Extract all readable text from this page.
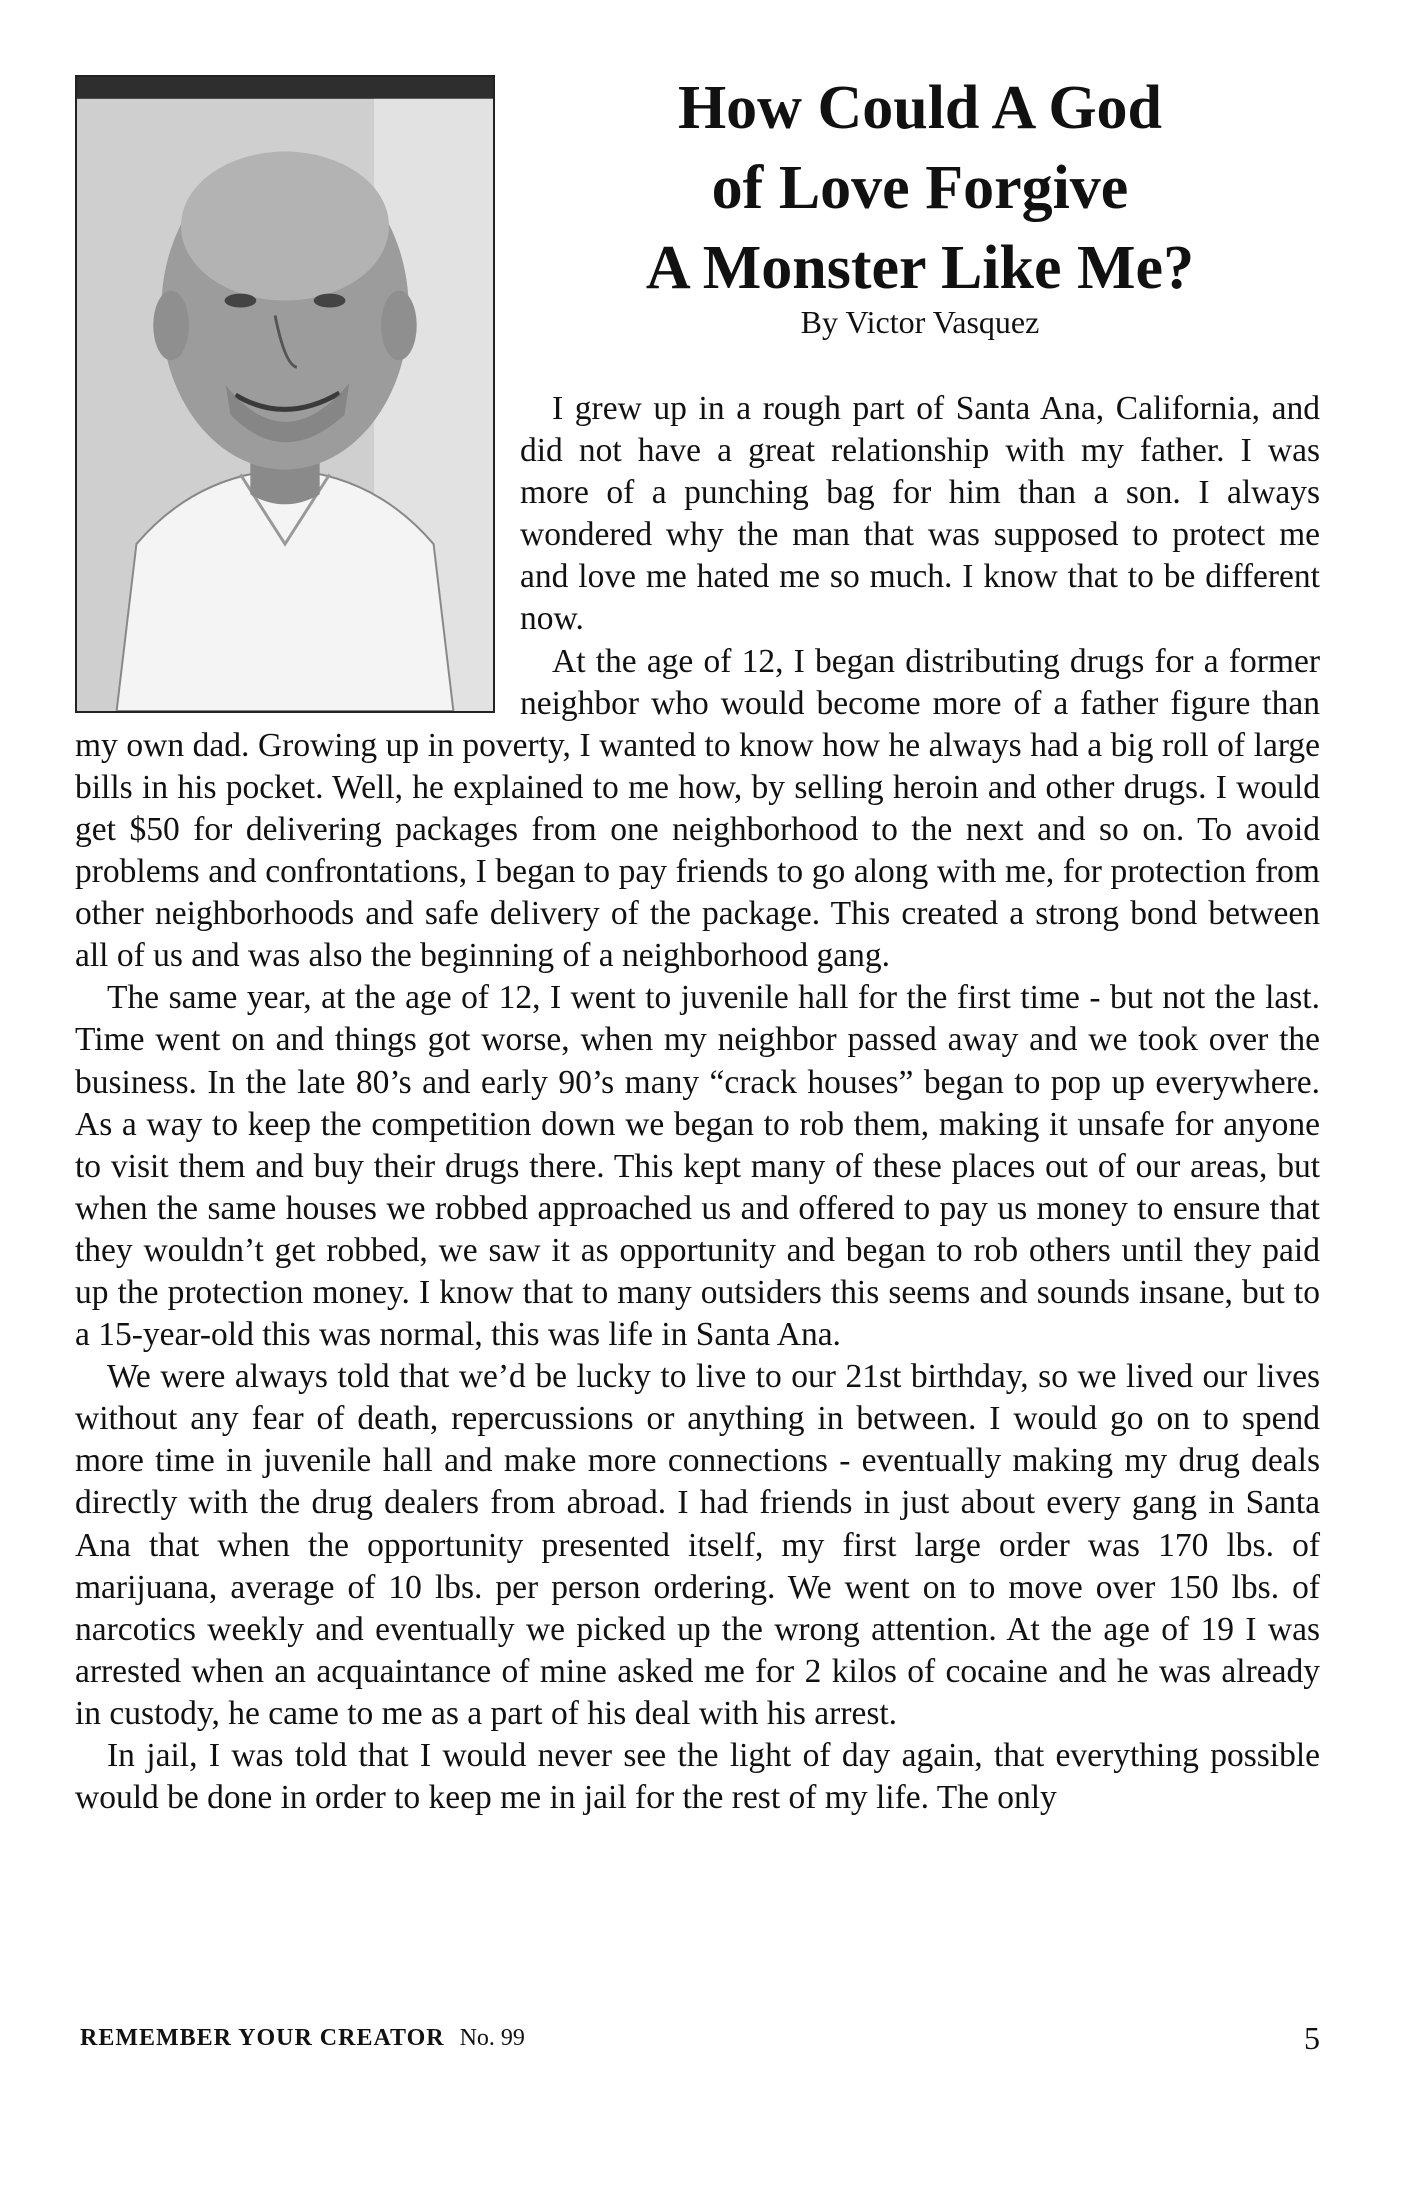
How Could A God
of Love Forgive
A Monster Like Me?
By Victor Vasquez

I grew up in a rough part of Santa Ana, California, and did not have a great relationship with my father. I was more of a punching bag for him than a son. I always wondered why the man that was supposed to protect me and love me hated me so much. I know that to be different now.

At the age of 12, I began distributing drugs for a former neighbor who would become more of a father figure than my own dad. Growing up in poverty, I wanted to know how he always had a big roll of large bills in his pocket. Well, he explained to me how, by selling heroin and other drugs. I would get $50 for delivering packages from one neighborhood to the next and so on. To avoid problems and confrontations, I began to pay friends to go along with me, for protection from other neighborhoods and safe delivery of the package. This created a strong bond between all of us and was also the beginning of a neighborhood gang.

The same year, at the age of 12, I went to juvenile hall for the first time - but not the last. Time went on and things got worse, when my neighbor passed away and we took over the business. In the late 80’s and early 90’s many “crack houses” began to pop up everywhere. As a way to keep the competition down we began to rob them, making it unsafe for anyone to visit them and buy their drugs there. This kept many of these places out of our areas, but when the same houses we robbed approached us and offered to pay us money to ensure that they wouldn’t get robbed, we saw it as opportunity and began to rob others until they paid up the protection money. I know that to many outsiders this seems and sounds insane, but to a 15-year-old this was normal, this was life in Santa Ana.

We were always told that we’d be lucky to live to our 21st birthday, so we lived our lives without any fear of death, repercussions or anything in between. I would go on to spend more time in juvenile hall and make more connections - eventually making my drug deals directly with the drug dealers from abroad. I had friends in just about every gang in Santa Ana that when the opportunity presented itself, my first large order was 170 lbs. of marijuana, average of 10 lbs. per person ordering. We went on to move over 150 lbs. of narcotics weekly and eventually we picked up the wrong attention. At the age of 19 I was arrested when an acquaintance of mine asked me for 2 kilos of cocaine and he was already in custody, he came to me as a part of his deal with his arrest.

In jail, I was told that I would never see the light of day again, that everything possible would be done in order to keep me in jail for the rest of my life. The only

REMEMBER YOUR CREATOR No. 99	5
